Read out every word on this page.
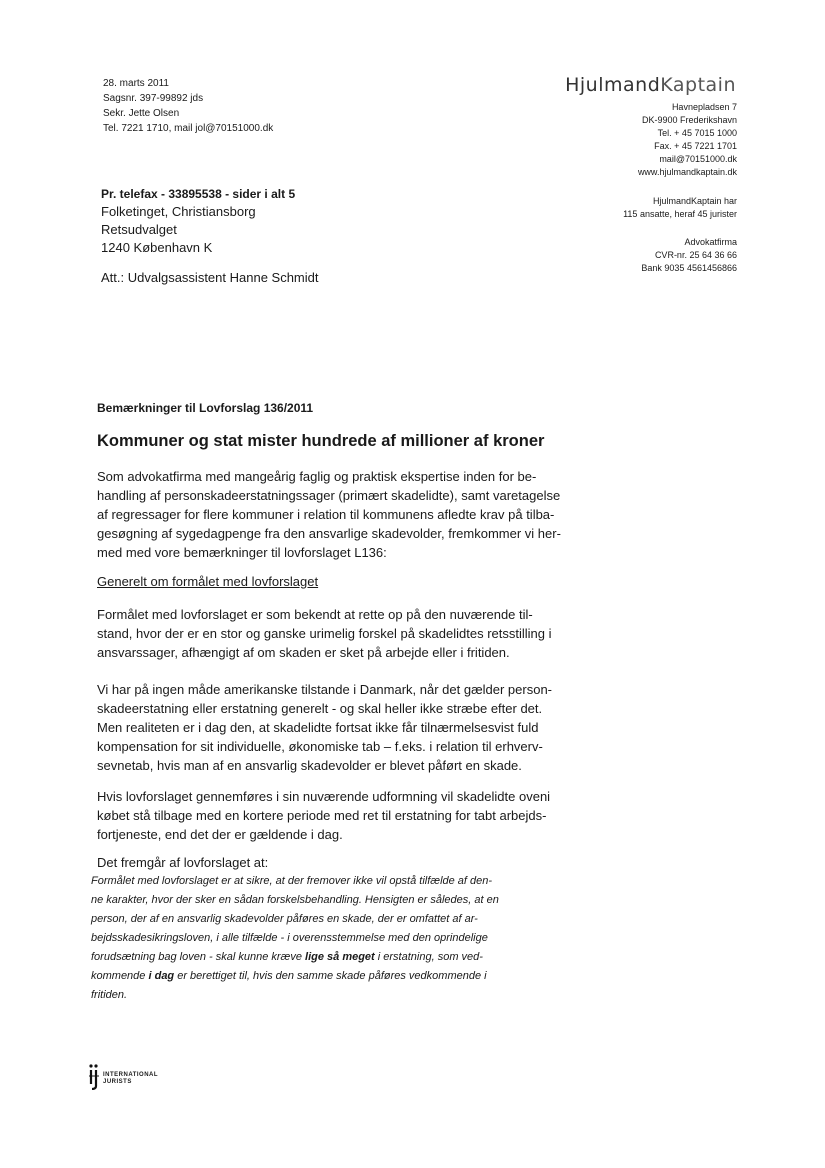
28. marts 2011
Sagsnr. 397-99892 jds
Sekr. Jette Olsen
Tel. 7221 1710, mail jol@70151000.dk
HjulmandKaptain
Havnepladsen 7
DK-9900 Frederikshavn
Tel. + 45 7015 1000
Fax. + 45 7221 1701
mail@70151000.dk
www.hjulmandkaptain.dk
HjulmandKaptain har
115 ansatte, heraf 45 jurister
Advokatfirma
CVR-nr. 25 64 36 66
Bank 9035 4561456866
Pr. telefax - 33895538 - sider i alt 5
Folketinget, Christiansborg
Retsudvalget
1240 København K
Att.: Udvalgsassistent Hanne Schmidt
Bemærkninger til Lovforslag 136/2011
Kommuner og stat mister hundrede af millioner af kroner
Som advokatfirma med mangeårig faglig og praktisk ekspertise inden for be-
handling af personskadeerstatningssager (primært skadelidte), samt varetagelse
af regressager for flere kommuner i relation til kommunens afledte krav på tilba-
gesøgning af sygedagpenge fra den ansvarlige skadevolder, fremkommer vi her-
med med vore bemærkninger til lovforslaget L136:
Generelt om formålet med lovforslaget
Formålet med lovforslaget er som bekendt at rette op på den nuværende til-
stand, hvor der er en stor og ganske urimelig forskel på skadelidtes retsstilling i
ansvarssager, afhængigt af om skaden er sket på arbejde eller i fritiden.
Vi har på ingen måde amerikanske tilstande i Danmark, når det gælder person-
skadeerstatning eller erstatning generelt - og skal heller ikke stræbe efter det.
Men realiteten er i dag den, at skadelidte fortsat ikke får tilnærmelsesvist fuld
kompensation for sit individuelle, økonomiske tab – f.eks. i relation til erhverv-
sevnetab, hvis man af en ansvarlig skadevolder er blevet påført en skade.
Hvis lovforslaget gennemføres i sin nuværende udformning vil skadelidte oveni
købet stå tilbage med en kortere periode med ret til erstatning for tabt arbejds-
fortjeneste, end det der er gældende i dag.
Det fremgår af lovforslaget at:
Formålet med lovforslaget er at sikre, at der fremover ikke vil opstå tilfælde af den-
ne karakter, hvor der sker en sådan forskelsbehandling. Hensigten er således, at en
person, der af en ansvarlig skadevolder påføres en skade, der er omfattet af ar-
bejdsskadesikringsloven, i alle tilfælde - i overensstemmelse med den oprindelige
forudsætning bag loven - skal kunne kræve lige så meget i erstatning, som ved-
kommende i dag er berettiget til, hvis den samme skade påføres vedkommende i
fritiden.
INTERNATIONAL
JURISTS
